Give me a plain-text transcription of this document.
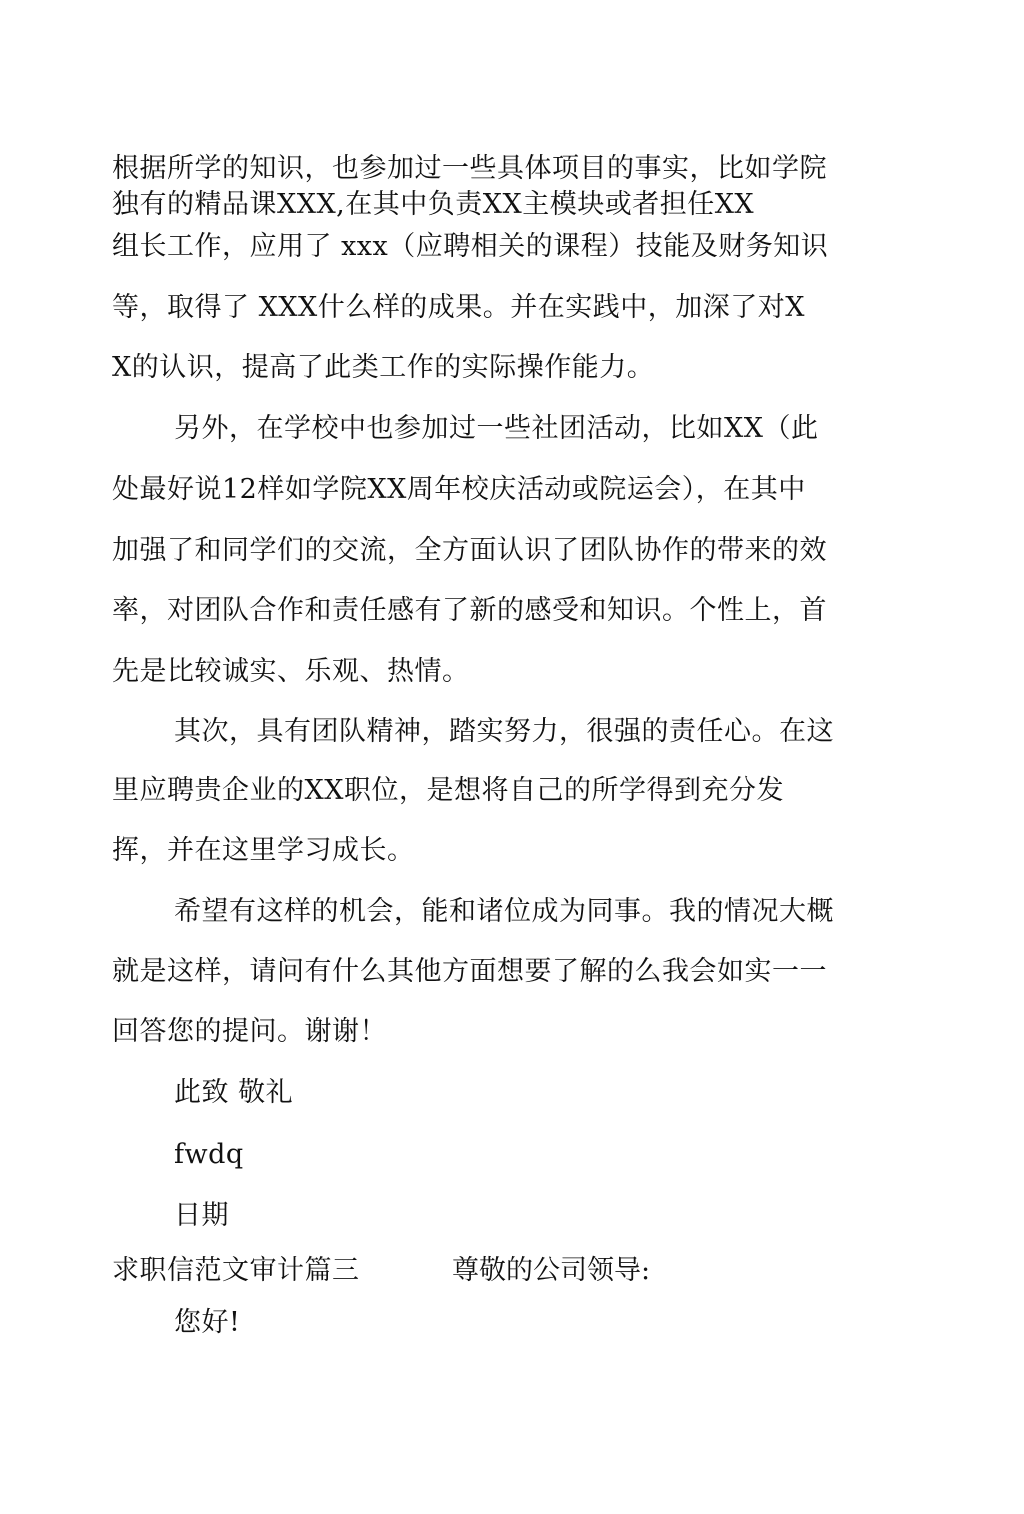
根据所学的知识，也参加过一些具体项目的事实，比如学院
独有的精品课XXX,在其中负责XX主模块或者担任XX
组长工作，应用了 xxx（应聘相关的课程）技能及财务知识
等，取得了 XXX什么样的成果。并在实践中，加深了对X
X的认识，提高了此类工作的实际操作能力。
另外，在学校中也参加过一些社团活动，比如XX（此
处最好说12样如学院XX周年校庆活动或院运会），在其中
加强了和同学们的交流，全方面认识了团队协作的带来的效
率，对团队合作和责任感有了新的感受和知识。个性上，首
先是比较诚实、乐观、热情。
其次，具有团队精神，踏实努力，很强的责任心。在这
里应聘贵企业的XX职位，是想将自己的所学得到充分发
挥，并在这里学习成长。
希望有这样的机会，能和诸位成为同事。我的情况大概
就是这样，请问有什么其他方面想要了解的么我会如实一一
回答您的提问。谢谢！
此致 敬礼
fwdq
日期
求职信范文审计篇三	尊敬的公司领导:
您好!
